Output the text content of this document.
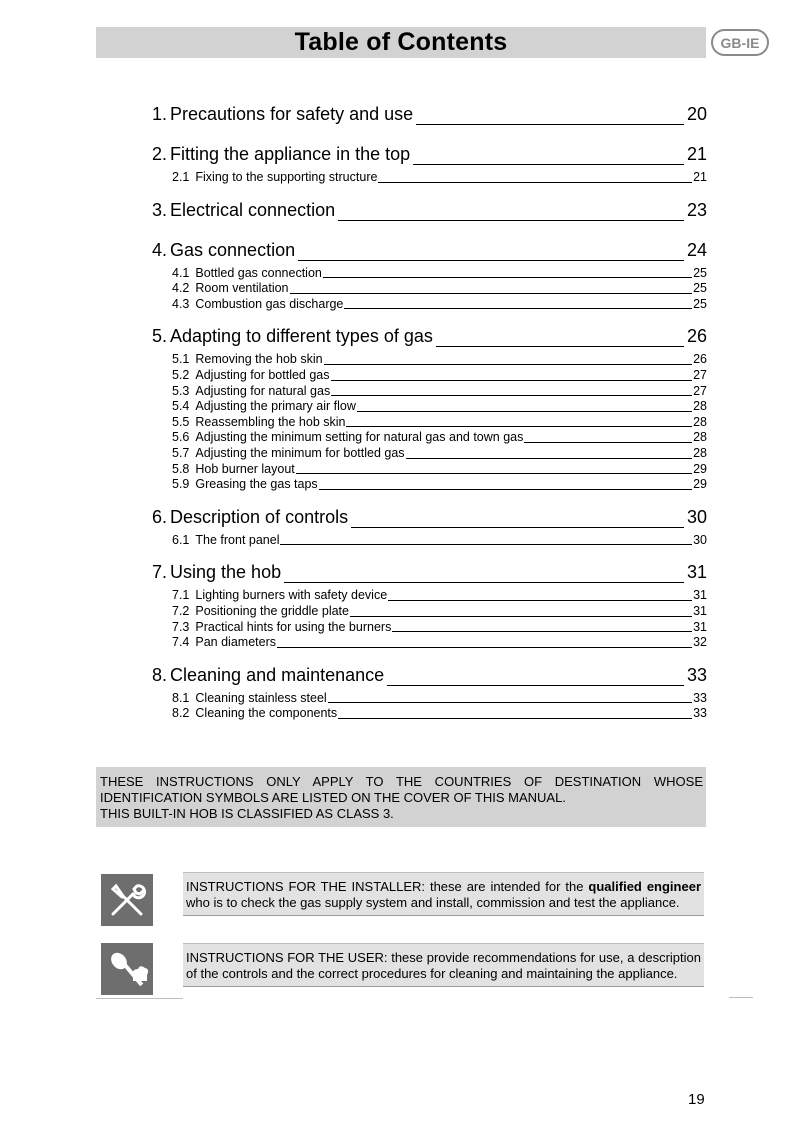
Table of Contents	GB-IE
1. Precautions for safety and use	20
2. Fitting the appliance in the top	21
2.1 Fixing to the supporting structure	21
3. Electrical connection	23
4. Gas connection	24
4.1 Bottled gas connection	25
4.2 Room ventilation	25
4.3 Combustion gas discharge	25
5. Adapting to different types of gas	26
5.1 Removing the hob skin	26
5.2 Adjusting for bottled gas	27
5.3 Adjusting for natural gas	27
5.4 Adjusting the primary air flow	28
5.5 Reassembling the hob skin	28
5.6 Adjusting the minimum setting for natural gas and town gas	28
5.7 Adjusting the minimum for bottled gas	28
5.8 Hob burner layout	29
5.9 Greasing the gas taps	29
6. Description of controls	30
6.1 The front panel	30
7. Using the hob	31
7.1 Lighting burners with safety device	31
7.2 Positioning the griddle plate	31
7.3 Practical hints for using the burners	31
7.4 Pan diameters	32
8. Cleaning and maintenance	33
8.1 Cleaning stainless steel	33
8.2 Cleaning the components	33

THESE INSTRUCTIONS ONLY APPLY TO THE COUNTRIES OF DESTINATION WHOSE IDENTIFICATION SYMBOLS ARE LISTED ON THE COVER OF THIS MANUAL.

THIS BUILT-IN HOB IS CLASSIFIED AS CLASS 3.

INSTRUCTIONS FOR THE INSTALLER: these are intended for the qualified engineer who is to check the gas supply system and install, commission and test the appliance.
INSTRUCTIONS FOR THE USER: these provide recommendations for use, a description of the controls and the correct procedures for cleaning and maintaining the appliance.
19
